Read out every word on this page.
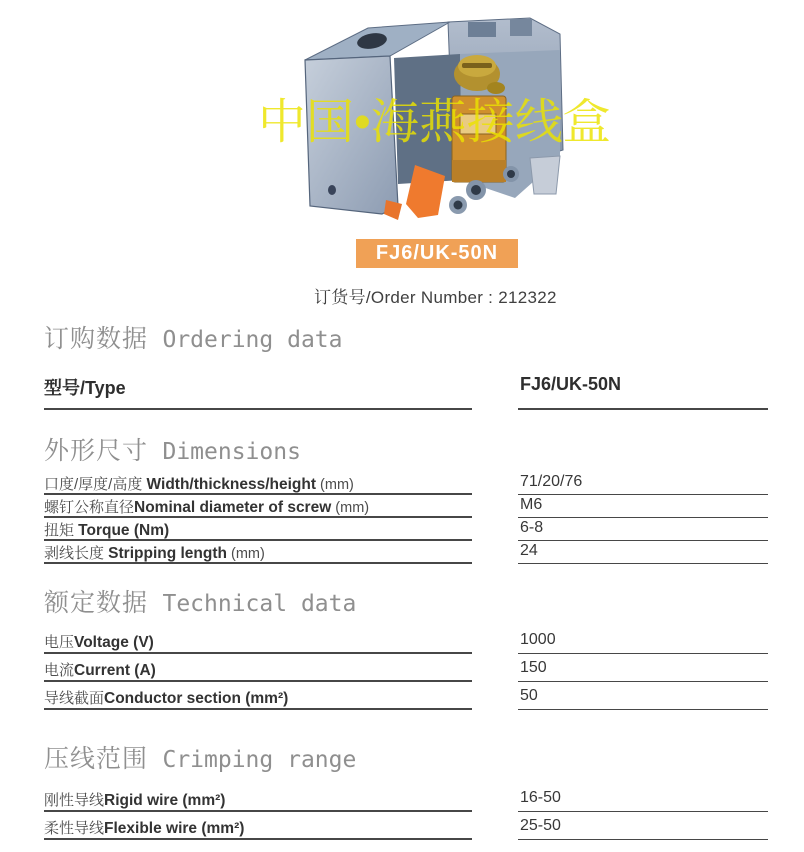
中国•海燕接线盒
FJ6/UK-50N
订货号/Order Number : 212322
订购数据 Ordering data
型号/Type	FJ6/UK-50N
外形尺寸 Dimensions
口度/厚度/高度 Width/thickness/height (mm)	71/20/76
螺钉公称直径Nominal diameter of screw (mm)	M6
扭矩 Torque (Nm)	6-8
剥线长度 Stripping length (mm)	24
额定数据 Technical data
电压Voltage (V)	1000
电流Current (A)	150
导线截面Conductor section (mm²)	50
压线范围 Crimping range
刚性导线Rigid wire (mm²)	16-50
柔性导线Flexible wire (mm²)	25-50
